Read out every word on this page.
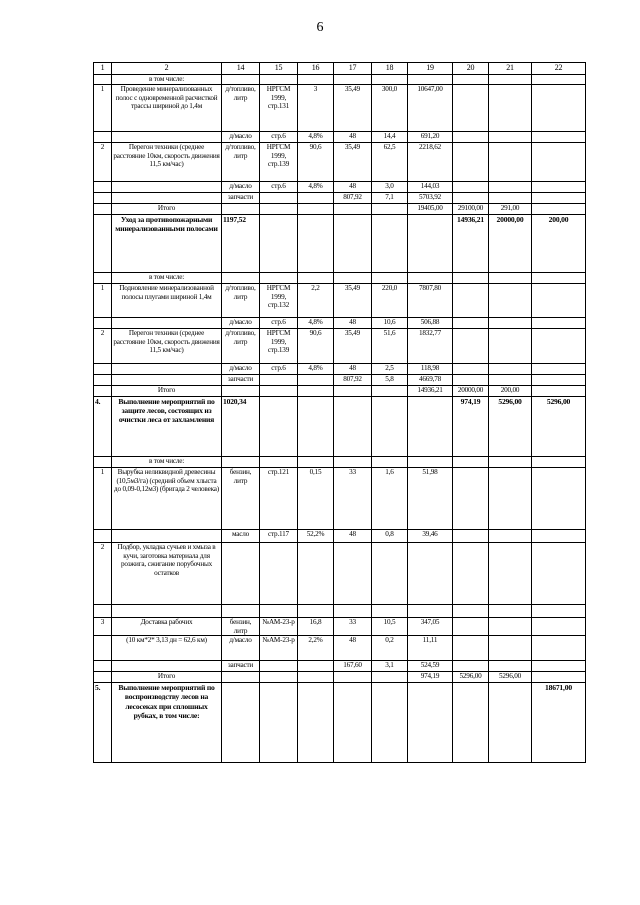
6
1	2	14	15	16	17	18	19	20	21	22
	в том числе:									
1	Проведение минерализованных полос с одновременной расчисткой трассы шириной до 1,4м	д/топливо, литр	НРГСМ 1999, стр.131	3	35,49	300,0	10647,00			
		д/масло	стр.6	4,8%	48	14,4	691,20			
2	Перегон техники (среднее расстояние 10км, скорость движения 11,5 км/час)	д/топливо, литр	НРГСМ 1999, стр.139	90,6	35,49	62,5	2218,62			
		д/масло	стр.6	4,8%	48	3,0	144,03			
		запчасти			807,92	7,1	5703,92			
	Итого						19405,00	29100,00	291,00	
	Уход за противопожарными минерализованными полосами	1197,52						14936,21	20000,00	200,00
	в том числе:									
1	Подновление минерализованной полосы плугами шириной 1,4м	д/топливо, литр	НРГСМ 1999, стр.132	2,2	35,49	220,0	7807,80			
		д/масло	стр.6	4,8%	48	10,6	506,88			
2	Перегон техники (среднее расстояние 10км, скорость движения 11,5 км/час)	д/топливо, литр	НРГСМ 1999, стр.139	90,6	35,49	51,6	1832,77			
		д/масло	стр.6	4,8%	48	2,5	118,98			
		запчасти			807,92	5,8	4669,78			
	Итого						14936,21	20000,00	200,00	
4.	Выполнение мероприятий по защите лесов, состоящих из очистки леса от захламления	1020,34						974,19	5296,00	5296,00
	в том числе:									
1	Вырубка неликвидной древесины (10,5м3/га) (средний объем хлыста до 0,09-0,12м3) (бригада 2 человека)	бензин, литр	стр.121	0,15	33	1,6	51,98			
		масло	стр.117	52,2%	48	0,8	39,46			
2	Подбор, укладка сучьев и хмыза в кучи, заготовка материала для розжига, сжигание порубочных остатков									

3	Доставка рабочих	бензин, литр	№АМ-23-р	16,8	33	10,5	347,05			
	(10 км*2* 3,13 дн = 62,6 км)	д/масло	№АМ-23-р	2,2%	48	0,2	11,11			
		запчасти			167,60	3,1	524,59			
	Итого						974,19	5296,00	5296,00	
5.	Выполнение мероприятий по воспроизводству лесов на лесосеках при сплошных рубках, в том числе:									18671,00
